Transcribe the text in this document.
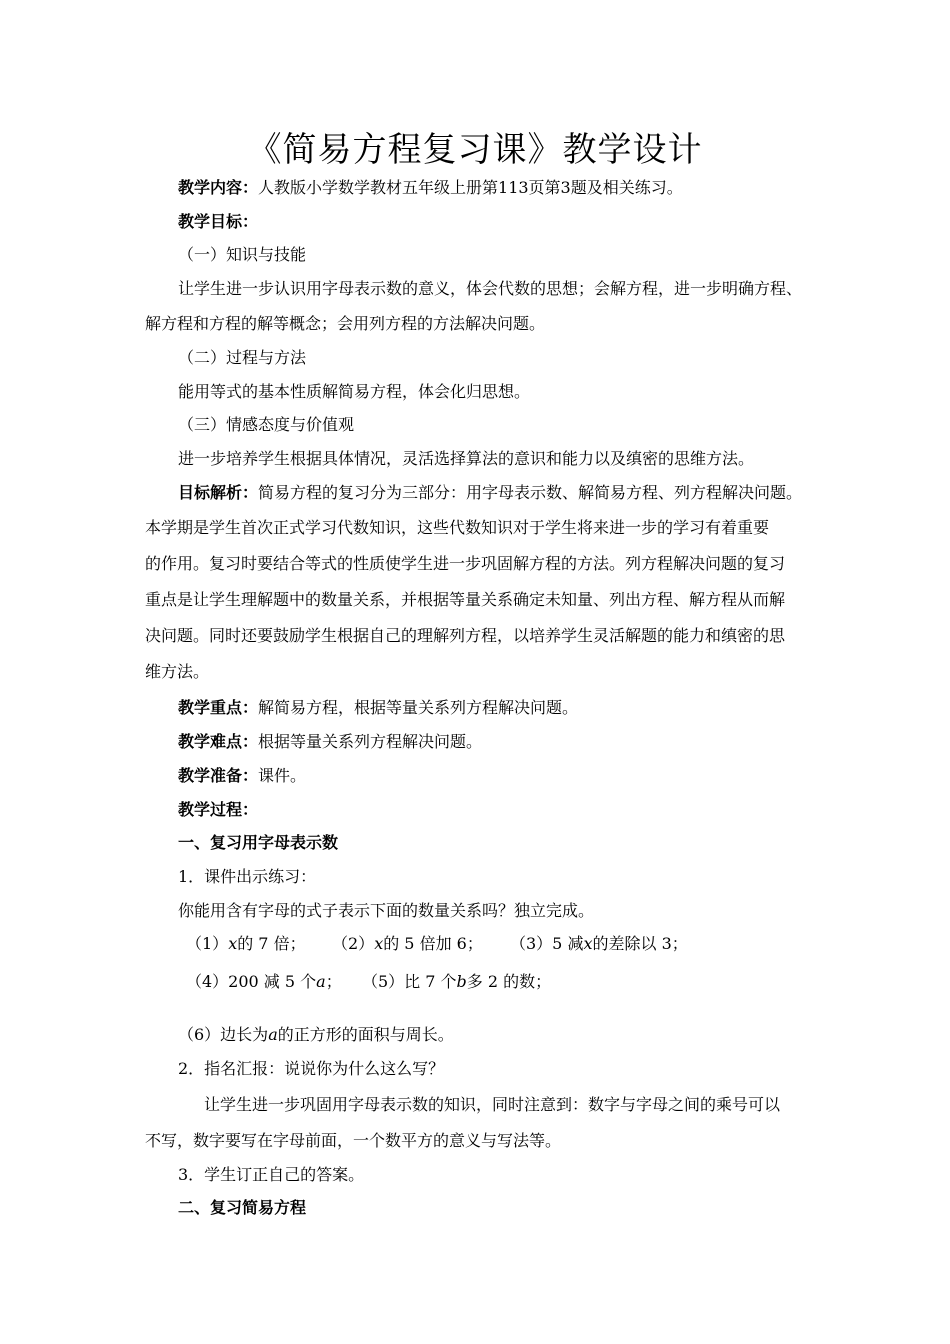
《简易方程复习课》教学设计
教学内容：人教版小学数学教材五年级上册第113页第3题及相关练习。
教学目标：
（一）知识与技能
让学生进一步认识用字母表示数的意义，体会代数的思想；会解方程，进一步明确方程、
解方程和方程的解等概念；会用列方程的方法解决问题。
（二）过程与方法
能用等式的基本性质解简易方程，体会化归思想。
（三）情感态度与价值观
进一步培养学生根据具体情况，灵活选择算法的意识和能力以及缜密的思维方法。
目标解析：简易方程的复习分为三部分：用字母表示数、解简易方程、列方程解决问题。
本学期是学生首次正式学习代数知识，这些代数知识对于学生将来进一步的学习有着重要
的作用。复习时要结合等式的性质使学生进一步巩固解方程的方法。列方程解决问题的复习
重点是让学生理解题中的数量关系，并根据等量关系确定未知量、列出方程、解方程从而解
决问题。同时还要鼓励学生根据自己的理解列方程，以培养学生灵活解题的能力和缜密的思
维方法。
教学重点：解简易方程，根据等量关系列方程解决问题。
教学难点：根据等量关系列方程解决问题。
教学准备：课件。
教学过程：
一、复习用字母表示数
1．课件出示练习：
你能用含有字母的式子表示下面的数量关系吗？独立完成。
（1）x的 7 倍； （2）x的 5 倍加 6； （3）5 减x的差除以 3；
（4）200 减 5 个a； （5）比 7 个b多 2 的数；
（6）边长为a的正方形的面积与周长。
2．指名汇报：说说你为什么这么写？
让学生进一步巩固用字母表示数的知识，同时注意到：数字与字母之间的乘号可以
不写，数字要写在字母前面，一个数平方的意义与写法等。
3．学生订正自己的答案。
二、复习简易方程
